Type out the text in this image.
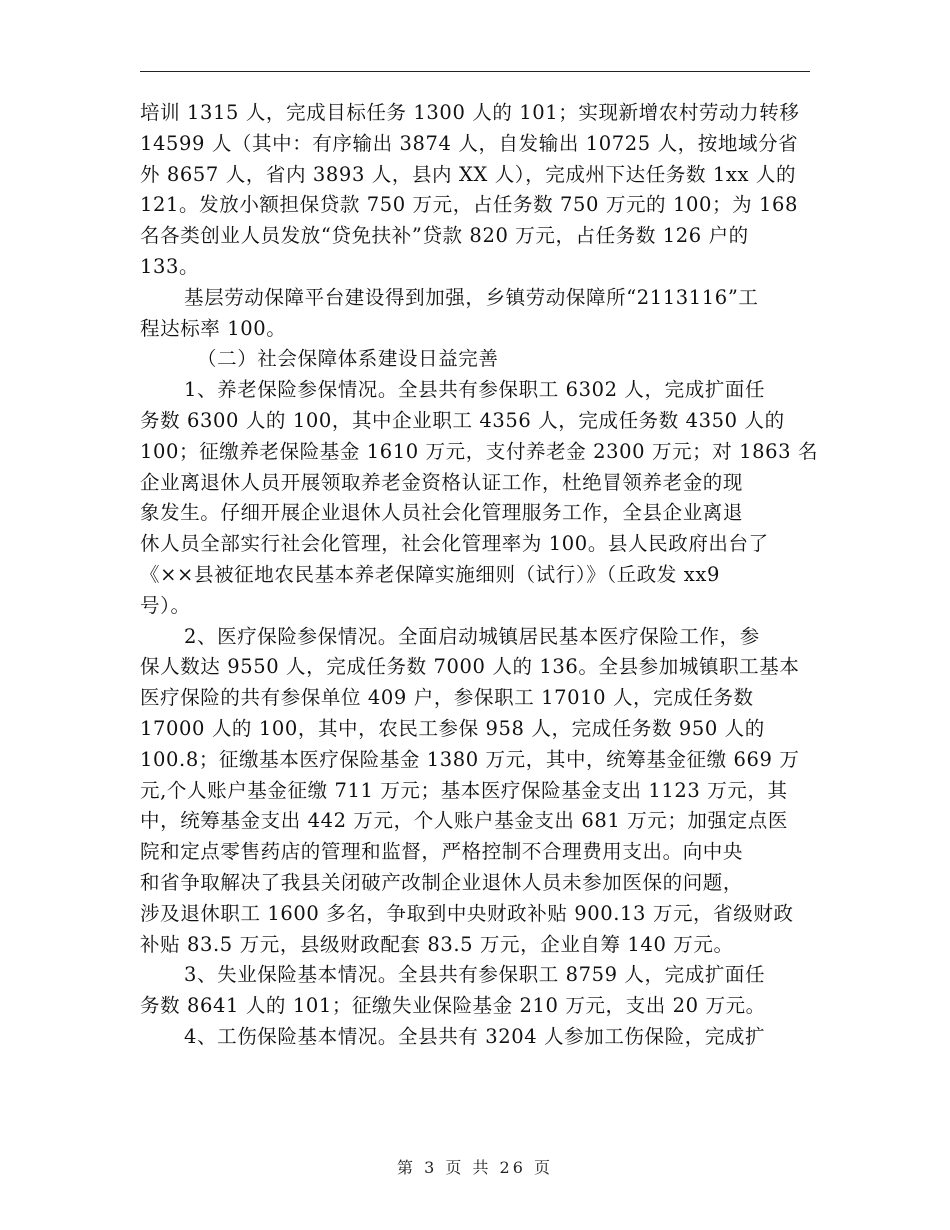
培训 1315 人，完成目标任务 1300 人的 101；实现新增农村劳动力转移
14599 人（其中：有序输出 3874 人，自发输出 10725 人，按地域分省
外 8657 人，省内 3893 人，县内 XX 人），完成州下达任务数 1xx 人的
121。发放小额担保贷款 750 万元，占任务数 750 万元的 100；为 168
名各类创业人员发放“贷免扶补”贷款 820 万元，占任务数 126 户的
133。
基层劳动保障平台建设得到加强，乡镇劳动保障所“2113116”工
程达标率 100。
（二）社会保障体系建设日益完善
1、养老保险参保情况。全县共有参保职工 6302 人，完成扩面任
务数 6300 人的 100，其中企业职工 4356 人，完成任务数 4350 人的
100；征缴养老保险基金 1610 万元，支付养老金 2300 万元；对 1863 名
企业离退休人员开展领取养老金资格认证工作，杜绝冒领养老金的现
象发生。仔细开展企业退休人员社会化管理服务工作，全县企业离退
休人员全部实行社会化管理，社会化管理率为 100。县人民政府出台了
《××县被征地农民基本养老保障实施细则（试行）》（丘政发 xx9
号）。
2、医疗保险参保情况。全面启动城镇居民基本医疗保险工作，参
保人数达 9550 人，完成任务数 7000 人的 136。全县参加城镇职工基本
医疗保险的共有参保单位 409 户，参保职工 17010 人，完成任务数
17000 人的 100，其中，农民工参保 958 人，完成任务数 950 人的
100.8；征缴基本医疗保险基金 1380 万元，其中，统筹基金征缴 669 万
元,个人账户基金征缴 711 万元；基本医疗保险基金支出 1123 万元，其
中，统筹基金支出 442 万元，个人账户基金支出 681 万元；加强定点医
院和定点零售药店的管理和监督，严格控制不合理费用支出。向中央
和省争取解决了我县关闭破产改制企业退休人员未参加医保的问题，
涉及退休职工 1600 多名，争取到中央财政补贴 900.13 万元，省级财政
补贴 83.5 万元，县级财政配套 83.5 万元，企业自筹 140 万元。
3、失业保险基本情况。全县共有参保职工 8759 人，完成扩面任
务数 8641 人的 101；征缴失业保险基金 210 万元，支出 20 万元。
4、工伤保险基本情况。全县共有 3204 人参加工伤保险，完成扩
第 3 页 共 26 页
